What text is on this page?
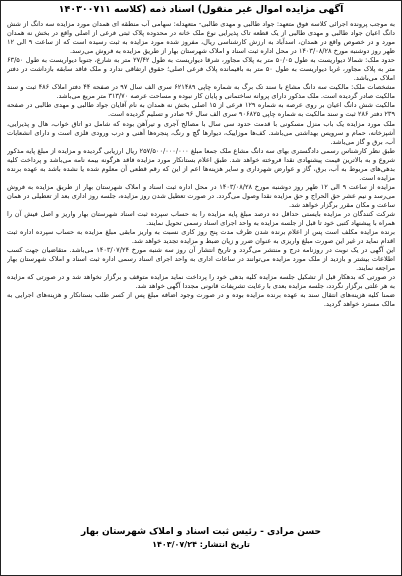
آگهی مزایده اموال غیر منقول) اسناد ذمه (کلاسه ۱۴۰۳۰۰۷۱۱

به موجب پرونده اجرائی کلاسه فوق متعهد: جواد طالبی و مهدی طالبی- متعهدله: سهامی آب منطقه ای همدان مورد مزایده سه دانگ از شش دانگ اعیان جواد طالبی و مهدی طالبی از یک قطعه تاک پذیرایی نوع ملک خانه در محدوده پلاک ثبتی فرعی از اصلی واقع در بخش نه همدان مورد و در خصوص واقع در همدان، اسدآباد به ارزش کارشناسی ریال، مفروز شده مورد مزایده به ثبت رسیده است که از ساعت ۹ الی ۱۲ ظهر روز دوشنبه مورخ ۱۴۰۳/۰۸/۲۸ در محل اداره ثبت اسناد و املاک شهرستان بهار از طریق مزایده به فروش می‌رسد.

حدود ملک: شمالا دیواریست به طول ۵۰/۰۵ متر به پلاک مجاور، شرقا دیواریست به طول ۲۷/۴۲ متر به شارع، جنوبا دیواریست به طول ۶۳/۵۰ متر به پلاک مجاور، غربا دیواریست به طول ۵۰ متر به باقیمانده پلاک فرعی اصلی؛ حقوق ارتفاقی ندارد و ملک فاقد سابقه بازداشت در دفتر املاک می‌باشد.

مشخصات ملک: مالکیت سه دانگ مشاع با سند تک برگ به شماره چاپی ۶۲۱۴۸۹ سری الف سال ۹۷ در صفحه ۴۴ دفتر املاک ۴۸۶ ثبت و سند مالکیت صادر گردیده است. ملک مذکور دارای پروانه ساختمانی و پایان کار نبوده و مساحت عرصه ۳۱۳/۷۰ متر مربع می‌باشد.

مالکیت شش دانگ اعیان بر روی عرصه به شماره ۱۲۹ فرعی از ۱۵ اصلی بخش نه همدان به نام آقایان جواد طالبی و مهدی طالبی در صفحه ۲۳۹ دفتر ۲۸۶ ثبت و سند مالکیت به شماره چاپی ۹۰۶۸۲۵ سری الف سال ۹۶ صادر و تسلیم گردیده است.

ملک مورد مزایده یک باب منزل مسکونی با قدمت حدود سی سال با مصالح آجری و تیرآهن بوده که شامل دو اتاق خواب، هال و پذیرایی، آشپزخانه، حمام و سرویس بهداشتی می‌باشد. کف‌ها موزاییک، دیوارها گچ و رنگ، پنجره‌ها آهنی و درب ورودی فلزی است و دارای انشعابات آب، برق و گاز می‌باشد.

طبق نظر کارشناس رسمی دادگستری بهای سه دانگ مشاع ملک جمعا مبلغ ۲۵۷/۵۰۰/۰۰۰/۰۰۰ ریال ارزیابی گردیده و مزایده از مبلغ پایه مذکور شروع و به بالاترین قیمت پیشنهادی نقدا فروخته خواهد شد. طبق اعلام بستانکار مورد مزایده فاقد هرگونه بیمه نامه می‌باشد و پرداخت کلیه بدهی‌های مربوط به آب، برق، گاز و عوارض شهرداری و سایر هزینه‌ها اعم از این که رقم قطعی آن معلوم شده یا نشده باشد به عهده برنده مزایده است.

مزایده از ساعت ۹ الی ۱۲ ظهر روز دوشنبه مورخ ۱۴۰۳/۰۸/۲۸ در محل اداره ثبت اسناد و املاک شهرستان بهار از طریق مزایده به فروش می‌رسد و نیم عشر حق الحراج و حق مزایده نقدا وصول می‌گردد. در صورت تعطیل شدن روز مزایده، جلسه روز اداری بعد از تعطیلی در همان ساعت و مکان مقرر برگزار خواهد شد.

شرکت کنندگان در مزایده بایستی حداقل ده درصد مبلغ پایه مزایده را به حساب سپرده ثبت اسناد شهرستان بهار واریز و اصل فیش آن را همراه با پیشنهاد کتبی خود تا قبل از جلسه مزایده به واحد اجرای اسناد رسمی تحویل نمایند.

برنده مزایده مکلف است پس از اعلام برنده شدن ظرف مدت پنج روز کاری نسبت به واریز مابقی مبلغ مزایده به حساب سپرده اداره ثبت اقدام نماید در غیر این صورت مبلغ واریزی به عنوان ضرر و زیان ضبط و مزایده تجدید خواهد شد.

این آگهی در یک نوبت در روزنامه درج و منتشر می‌گردد و تاریخ انتشار آن روز سه شنبه مورخ ۱۴۰۳/۰۷/۲۴ می‌باشد. متقاضیان جهت کسب اطلاعات بیشتر و بازدید از ملک مورد مزایده می‌توانند در ساعات اداری به واحد اجرای اسناد رسمی اداره ثبت اسناد و املاک شهرستان بهار مراجعه نمایند.

در صورتی که بدهکار قبل از تشکیل جلسه مزایده کلیه بدهی خود را پرداخت نماید مزایده متوقف و برگزار نخواهد شد و در صورتی که مزایده به هر علتی برگزار نگردد، جلسه مزایده بعدی با رعایت تشریفات قانونی مجددا آگهی خواهد شد.

ضمنا کلیه هزینه‌های انتقال سند به عهده برنده مزایده بوده و در صورت وجود اضافه مبلغ پس از کسر طلب بستانکار و هزینه‌های اجرایی به مالک مسترد خواهد گردید.

حسن مرادی - رئیس ثبت اسناد و املاک شهرستان بهار
تاریخ انتشار: ۱۴۰۳/۰۷/۲۴
